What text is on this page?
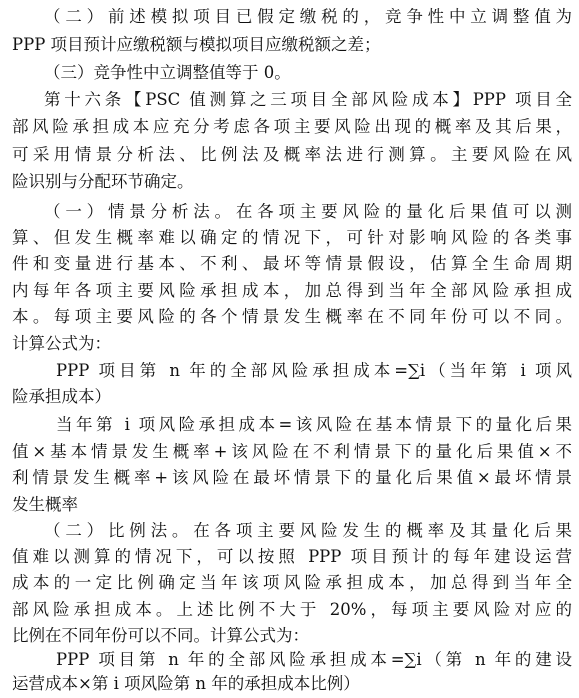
（二）前述模拟项目已假定缴税的，竞争性中立调整值为
PPP 项目预计应缴税额与模拟项目应缴税额之差；
（三）竞争性中立调整值等于 0。
第十六条【PSC 值测算之三项目全部风险成本】PPP 项目全
部风险承担成本应充分考虑各项主要风险出现的概率及其后果，
可采用情景分析法、比例法及概率法进行测算。主要风险在风
险识别与分配环节确定。
（一）情景分析法。在各项主要风险的量化后果值可以测
算、但发生概率难以确定的情况下，可针对影响风险的各类事
件和变量进行基本、不利、最坏等情景假设，估算全生命周期
内每年各项主要风险承担成本，加总得到当年全部风险承担成
本。每项主要风险的各个情景发生概率在不同年份可以不同。
计算公式为：
PPP 项目第 n 年的全部风险承担成本=∑i（当年第 i 项风
险承担成本）
当年第 i 项风险承担成本=该风险在基本情景下的量化后果
值×基本情景发生概率+该风险在不利情景下的量化后果值×不
利情景发生概率+该风险在最坏情景下的量化后果值×最坏情景
发生概率
（二）比例法。在各项主要风险发生的概率及其量化后果
值难以测算的情况下，可以按照 PPP 项目预计的每年建设运营
成本的一定比例确定当年该项风险承担成本，加总得到当年全
部风险承担成本。上述比例不大于 20%，每项主要风险对应的
比例在不同年份可以不同。计算公式为：
PPP 项目第 n 年的全部风险承担成本=∑i（第 n 年的建设
运营成本×第 i 项风险第 n 年的承担成本比例）
